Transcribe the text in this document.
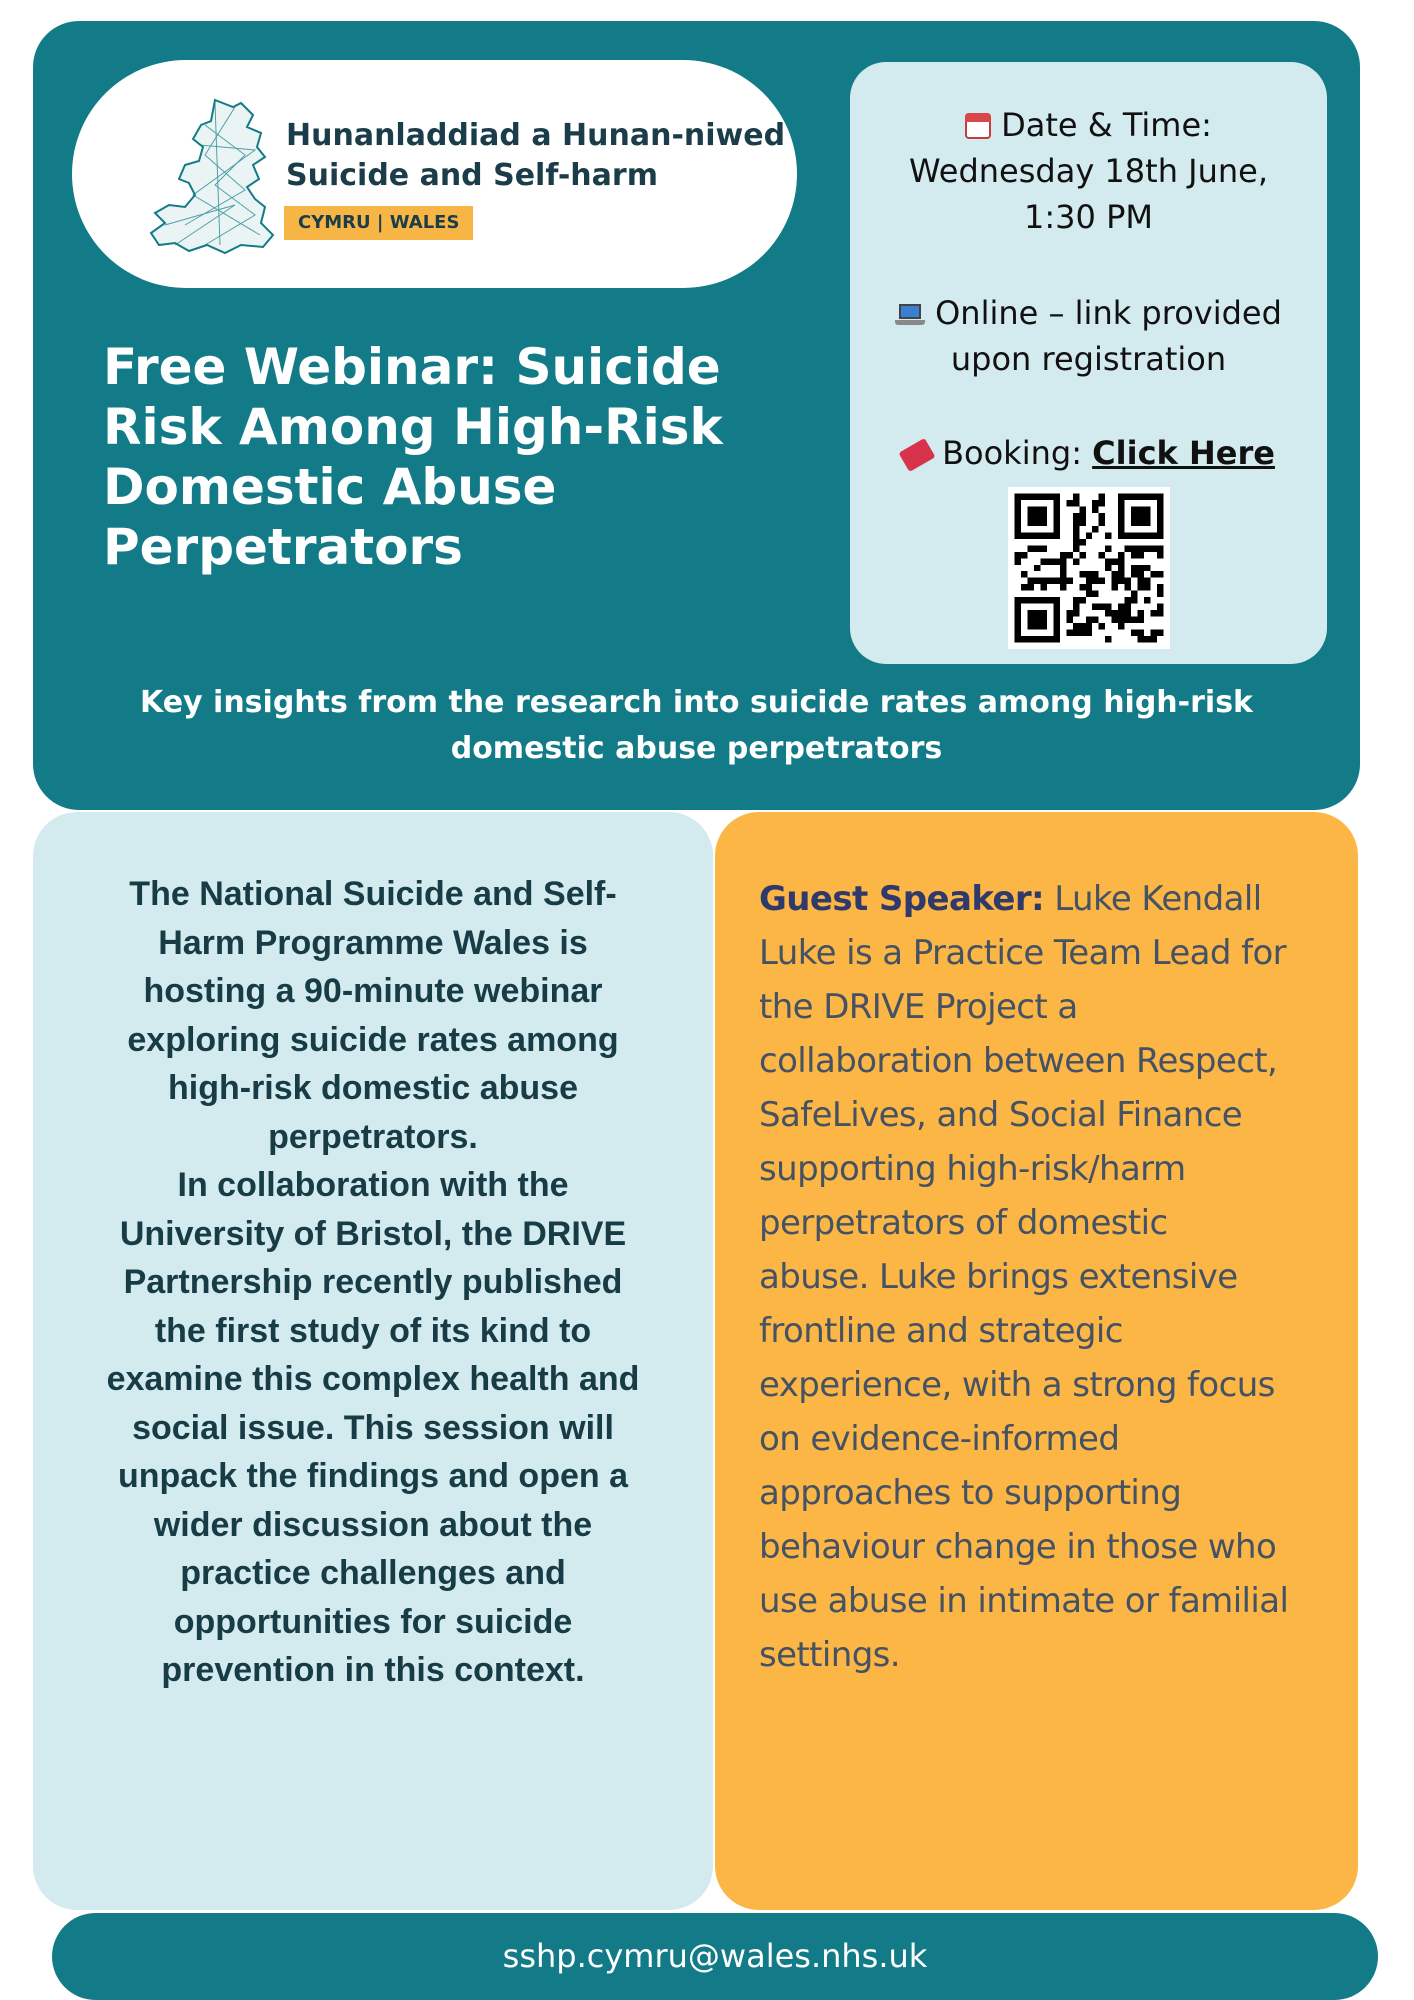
Hunanladdiad a Hunan-niwed
Suicide and Self-harm
CYMRU | WALES
Free Webinar: Suicide Risk Among High-Risk Domestic Abuse Perpetrators

Date & Time:
Wednesday 18th June,
1:30 PM

Online – link provided
upon registration

Booking: Click Here

Key insights from the research into suicide rates among high-risk
domestic abuse perpetrators

The National Suicide and Self-
Harm Programme Wales is
hosting a 90-minute webinar
exploring suicide rates among
high-risk domestic abuse
perpetrators.
In collaboration with the
University of Bristol, the DRIVE
Partnership recently published
the first study of its kind to
examine this complex health and
social issue. This session will
unpack the findings and open a
wider discussion about the
practice challenges and
opportunities for suicide
prevention in this context.

Guest Speaker: Luke Kendall
Luke is a Practice Team Lead for
the DRIVE Project a
collaboration between Respect,
SafeLives, and Social Finance
supporting high-risk/harm
perpetrators of domestic
abuse. Luke brings extensive
frontline and strategic
experience, with a strong focus
on evidence-informed
approaches to supporting
behaviour change in those who
use abuse in intimate or familial
settings.

sshp.cymru@wales.nhs.uk
